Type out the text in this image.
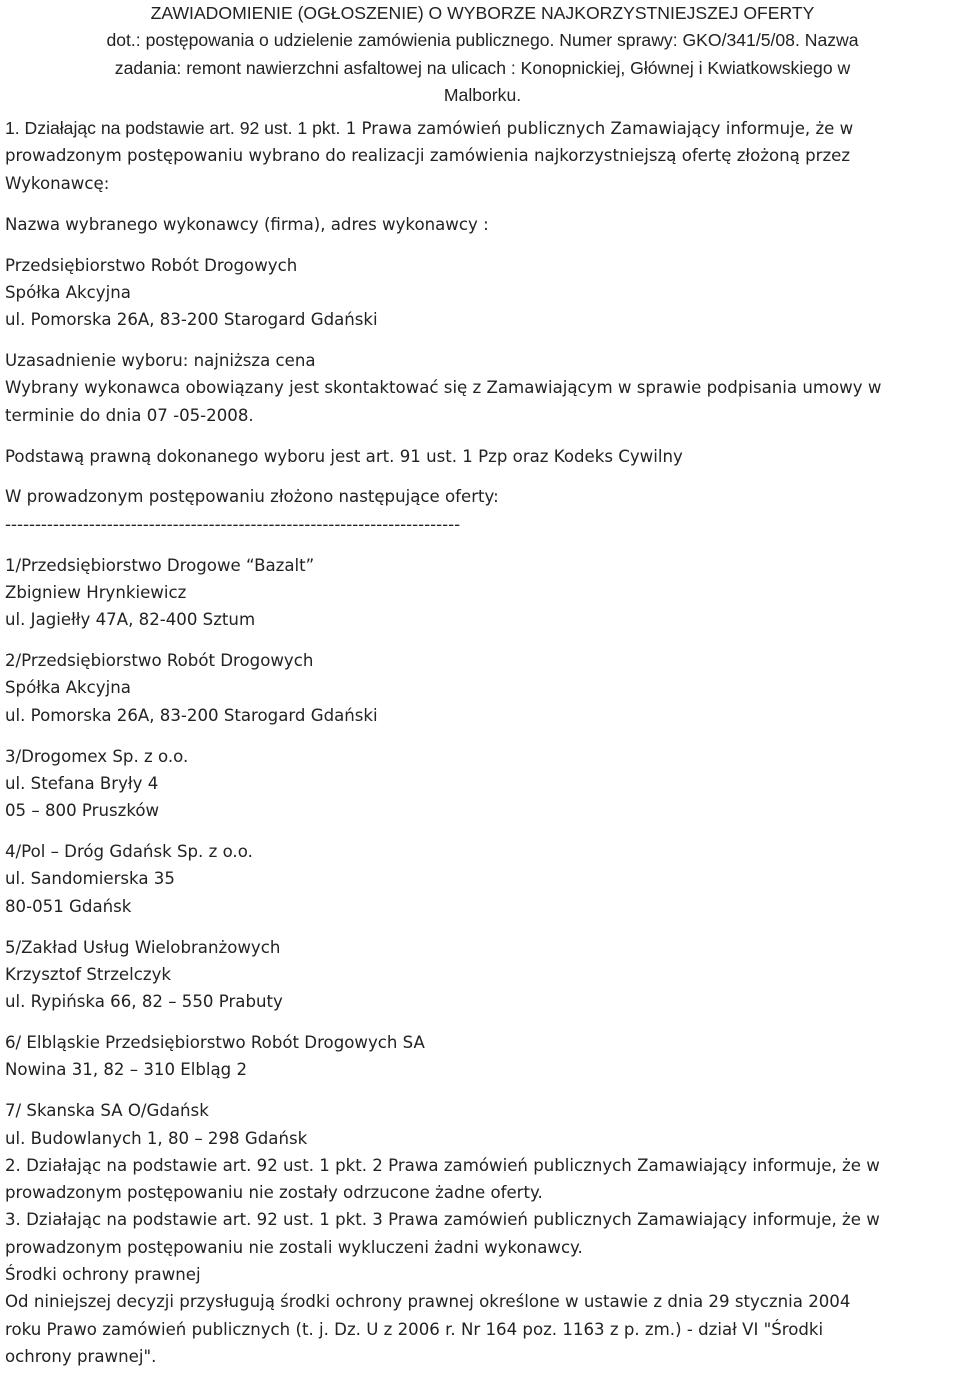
ZAWIADOMIENIE (OGŁOSZENIE) O WYBORZE NAJKORZYSTNIEJSZEJ OFERTY

dot.: postępowania o udzielenie zamówienia publicznego. Numer sprawy: GKO/341/5/08. Nazwa

zadania: remont nawierzchni asfaltowej na ulicach : Konopnickiej, Głównej i Kwiatkowskiego w

Malborku.

1. Działając na podstawie art. 92 ust. 1 pkt. 1 Prawa zamówień publicznych Zamawiający informuje, że w

prowadzonym postępowaniu wybrano do realizacji zamówienia najkorzystniejszą ofertę złożoną przez

Wykonawcę:

Nazwa wybranego wykonawcy (firma), adres wykonawcy :

Przedsiębiorstwo Robót Drogowych

Spółka Akcyjna

ul. Pomorska 26A, 83-200 Starogard Gdański

Uzasadnienie wyboru: najniższa cena

Wybrany wykonawca obowiązany jest skontaktować się z Zamawiającym w sprawie podpisania umowy w

terminie do dnia 07 -05-2008.

Podstawą prawną dokonanego wyboru jest art. 91 ust. 1 Pzp oraz Kodeks Cywilny

W prowadzonym postępowaniu złożono następujące oferty:

----------------------------------------------------------------------------

1/Przedsiębiorstwo Drogowe “Bazalt”

Zbigniew Hrynkiewicz

ul. Jagiełły 47A, 82-400 Sztum

2/Przedsiębiorstwo Robót Drogowych

Spółka Akcyjna

ul. Pomorska 26A, 83-200 Starogard Gdański

3/Drogomex Sp. z o.o.

ul. Stefana Bryły 4

05 – 800 Pruszków

4/Pol – Dróg Gdańsk Sp. z o.o.

ul. Sandomierska 35

80-051 Gdańsk

5/Zakład Usług Wielobranżowych

Krzysztof Strzelczyk

ul. Rypińska 66, 82 – 550 Prabuty

6/ Elbląskie Przedsiębiorstwo Robót Drogowych SA

Nowina 31, 82 – 310 Elbląg 2

7/ Skanska SA O/Gdańsk

ul. Budowlanych 1, 80 – 298 Gdańsk

2. Działając na podstawie art. 92 ust. 1 pkt. 2 Prawa zamówień publicznych Zamawiający informuje, że w

prowadzonym postępowaniu nie zostały odrzucone żadne oferty.

3. Działając na podstawie art. 92 ust. 1 pkt. 3 Prawa zamówień publicznych Zamawiający informuje, że w

prowadzonym postępowaniu nie zostali wykluczeni żadni wykonawcy.

Środki ochrony prawnej

Od niniejszej decyzji przysługują środki ochrony prawnej określone w ustawie z dnia 29 stycznia 2004

roku Prawo zamówień publicznych (t. j. Dz. U z 2006 r. Nr 164 poz. 1163 z p. zm.) - dział VI "Środki

ochrony prawnej".
